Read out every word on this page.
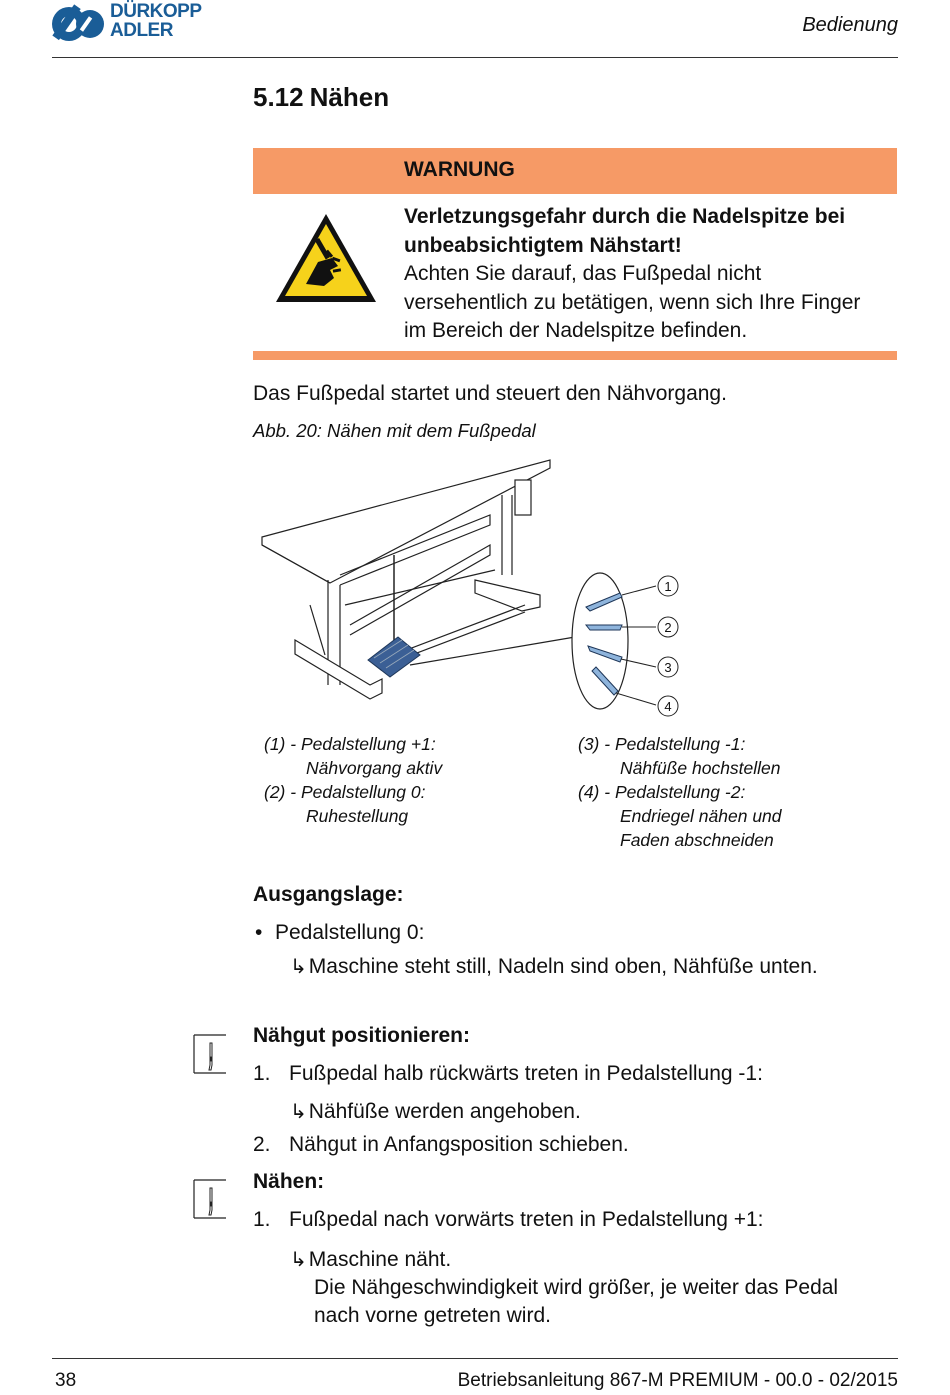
DÜRKOPP
ADLER	Bedienung
5.12 Nähen
WARNUNG
Verletzungsgefahr durch die Nadelspitze bei
unbeabsichtigtem Nähstart!
Achten Sie darauf, das Fußpedal nicht
versehentlich zu betätigen, wenn sich Ihre Finger
im Bereich der Nadelspitze befinden.
Das Fußpedal startet und steuert den Nähvorgang.
Abb. 20: Nähen mit dem Fußpedal
1
2
3
4
(1) - Pedalstellung +1:
Nähvorgang aktiv
(2) - Pedalstellung 0:
Ruhestellung
(3) - Pedalstellung -1:
Nähfüße hochstellen
(4) - Pedalstellung -2:
Endriegel nähen und
Faden abschneiden
Ausgangslage:
• Pedalstellung 0:
↳Maschine steht still, Nadeln sind oben, Nähfüße unten.
Nähgut positionieren:
1. Fußpedal halb rückwärts treten in Pedalstellung -1:
↳Nähfüße werden angehoben.
2. Nähgut in Anfangsposition schieben.
Nähen:
1. Fußpedal nach vorwärts treten in Pedalstellung +1:
↳Maschine näht.
Die Nähgeschwindigkeit wird größer, je weiter das Pedal
nach vorne getreten wird.
38	Betriebsanleitung 867-M PREMIUM - 00.0 - 02/2015
